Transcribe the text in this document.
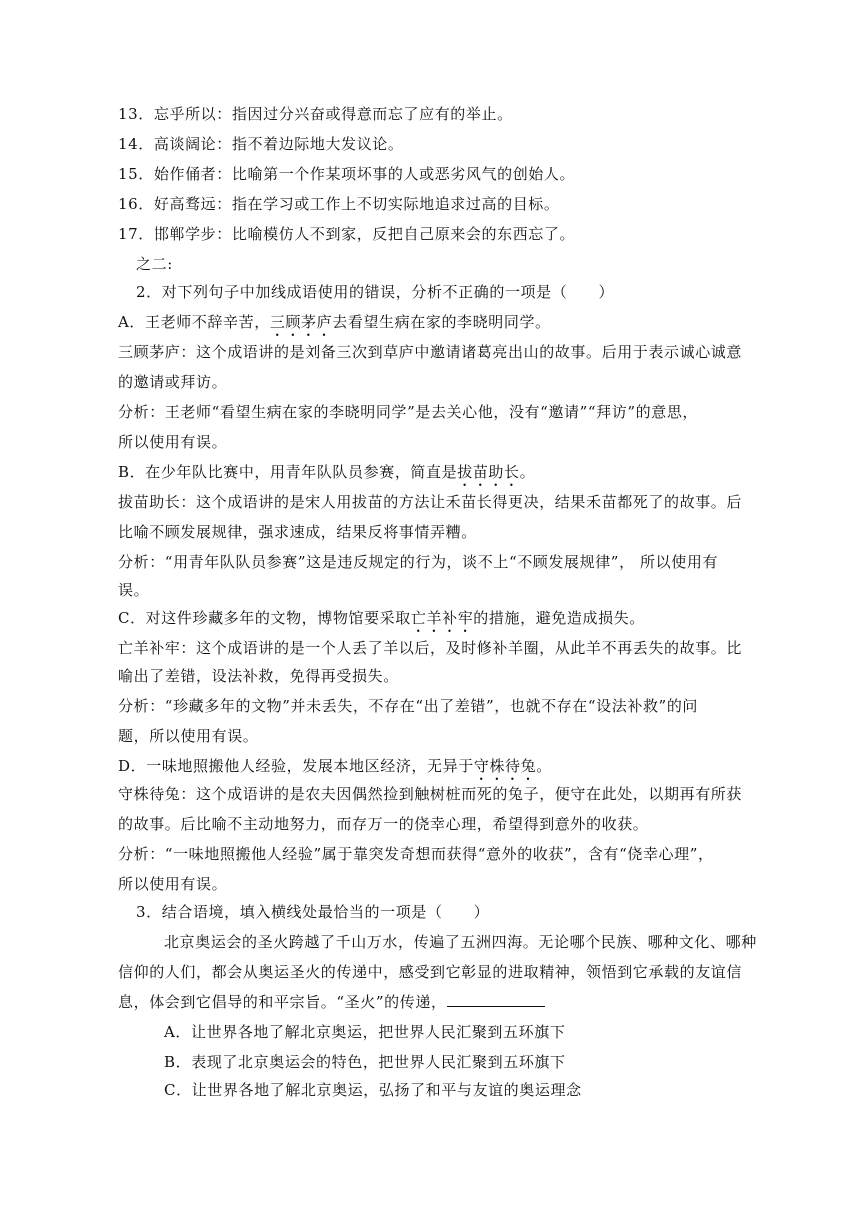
13．忘乎所以：指因过分兴奋或得意而忘了应有的举止。
14．高谈阔论：指不着边际地大发议论。
15．始作俑者：比喻第一个作某项坏事的人或恶劣风气的创始人。
16．好高骛远：指在学习或工作上不切实际地追求过高的目标。
17．邯郸学步：比喻模仿人不到家，反把自己原来会的东西忘了。
之二:
2．对下列句子中加线成语使用的错误，分析不正确的一项是（　　）
A．王老师不辞辛苦，三顾茅庐去看望生病在家的李晓明同学。
三顾茅庐：这个成语讲的是刘备三次到草庐中邀请诸葛亮出山的故事。后用于表示诚心诚意
的邀请或拜访。
分析：王老师“看望生病在家的李晓明同学”是去关心他，没有“邀请”“拜访”的意思，
所以使用有误。
B．在少年队比赛中，用青年队队员参赛，简直是拔苗助长。
拔苗助长：这个成语讲的是宋人用拔苗的方法让禾苗长得更决，结果禾苗都死了的故事。后
比喻不顾发展规律，强求速成，结果反将事情弄糟。
分析：“用青年队队员参赛”这是违反规定的行为，谈不上“不顾发展规律”， 所以使用有
误。
C．对这件珍藏多年的文物，博物馆要采取亡羊补牢的措施，避免造成损失。
亡羊补牢：这个成语讲的是一个人丢了羊以后，及时修补羊圈，从此羊不再丢失的故事。比
喻出了差错，设法补救，免得再受损失。
分析：“珍藏多年的文物”并未丢失，不存在“出了差错”，也就不存在“设法补救”的问
题，所以使用有误。
D．一味地照搬他人经验，发展本地区经济，无异于守株待兔。
守株待兔：这个成语讲的是农夫因偶然捡到触树桩而死的兔子，便守在此处，以期再有所获
的故事。后比喻不主动地努力，而存万一的侥幸心理，希望得到意外的收获。
分析：“一味地照搬他人经验”属于靠突发奇想而获得“意外的收获”，含有“侥幸心理”，
所以使用有误。
3．结合语境，填入横线处最恰当的一项是（　　）
北京奥运会的圣火跨越了千山万水，传遍了五洲四海。无论哪个民族、哪种文化、哪种
信仰的人们，都会从奥运圣火的传递中，感受到它彰显的进取精神，领悟到它承载的友谊信
息，体会到它倡导的和平宗旨。“圣火”的传递，
A．让世界各地了解北京奥运，把世界人民汇聚到五环旗下
B．表现了北京奥运会的特色，把世界人民汇聚到五环旗下
C．让世界各地了解北京奥运，弘扬了和平与友谊的奥运理念
